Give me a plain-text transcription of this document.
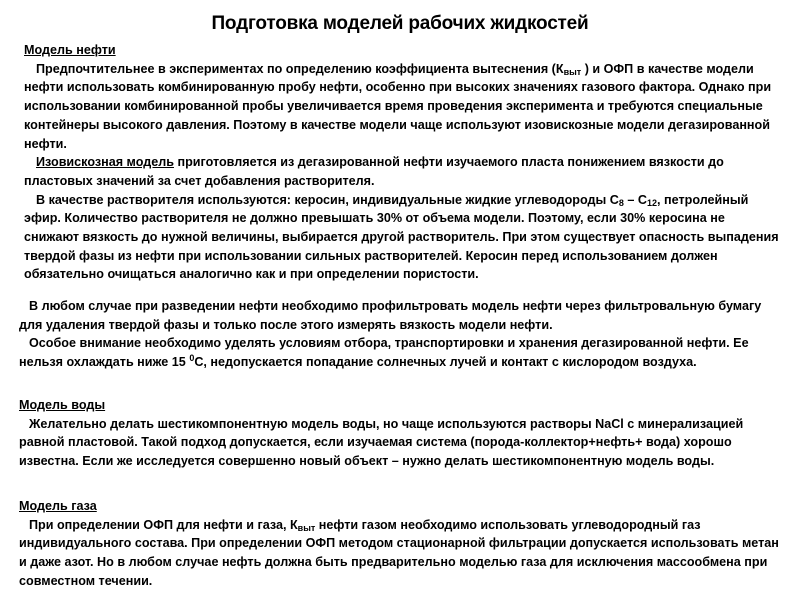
Подготовка моделей рабочих жидкостей
Модель нефти

Предпочтительнее в экспериментах по определению коэффициента вытеснения ($К_{выт}$ ) и ОФП в качестве модели нефти использовать комбинированную пробу нефти, особенно при высоких значениях газового фактора. Однако при использовании комбинированной пробы увеличивается время проведения эксперимента и требуются специальные контейнеры высокого давления. Поэтому в качестве модели чаще используют изовискозные модели дегазированной нефти.

Изовискозная модель приготовляется из дегазированной нефти изучаемого пласта понижением вязкости до пластовых значений за счет добавления растворителя.

В качестве растворителя используются: керосин, индивидуальные жидкие углеводороды $С_8 - С_{12}$, петролейный эфир. Количество растворителя не должно превышать 30% от объема модели. Поэтому, если 30% керосина не снижают вязкость до нужной величины, выбирается другой растворитель. При этом существует опасность выпадения твердой фазы из нефти при использовании сильных растворителей. Керосин перед использованием должен обязательно очищаться аналогично как и при определении пористости.

В любом случае при разведении нефти необходимо профильтровать модель нефти через фильтровальную бумагу для удаления твердой фазы и только после этого измерять вязкость модели нефти.

Особое внимание необходимо уделять условиям отбора, транспортировки и хранения дегазированной нефти. Ее нельзя охлаждать ниже 15 $^0$С, недопускается попадание солнечных лучей и контакт с кислородом воздуха.

Модель воды

Желательно делать шестикомпонентную модель воды, но чаще используются растворы NaCl с минерализацией равной пластовой. Такой подход допускается, если изучаемая система (порода-коллектор+нефть+ вода) хорошо известна. Если же исследуется совершенно новый объект – нужно делать шестикомпонентную модель воды.

Модель газа

При определении ОФП для нефти и газа, $К_{выт}$ нефти газом необходимо использовать углеводородный газ индивидуального состава. При определении ОФП методом стационарной фильтрации допускается использовать метан и даже азот. Но в любом случае нефть должна быть предварительно моделью газа для исключения массообмена при совместном течении.
